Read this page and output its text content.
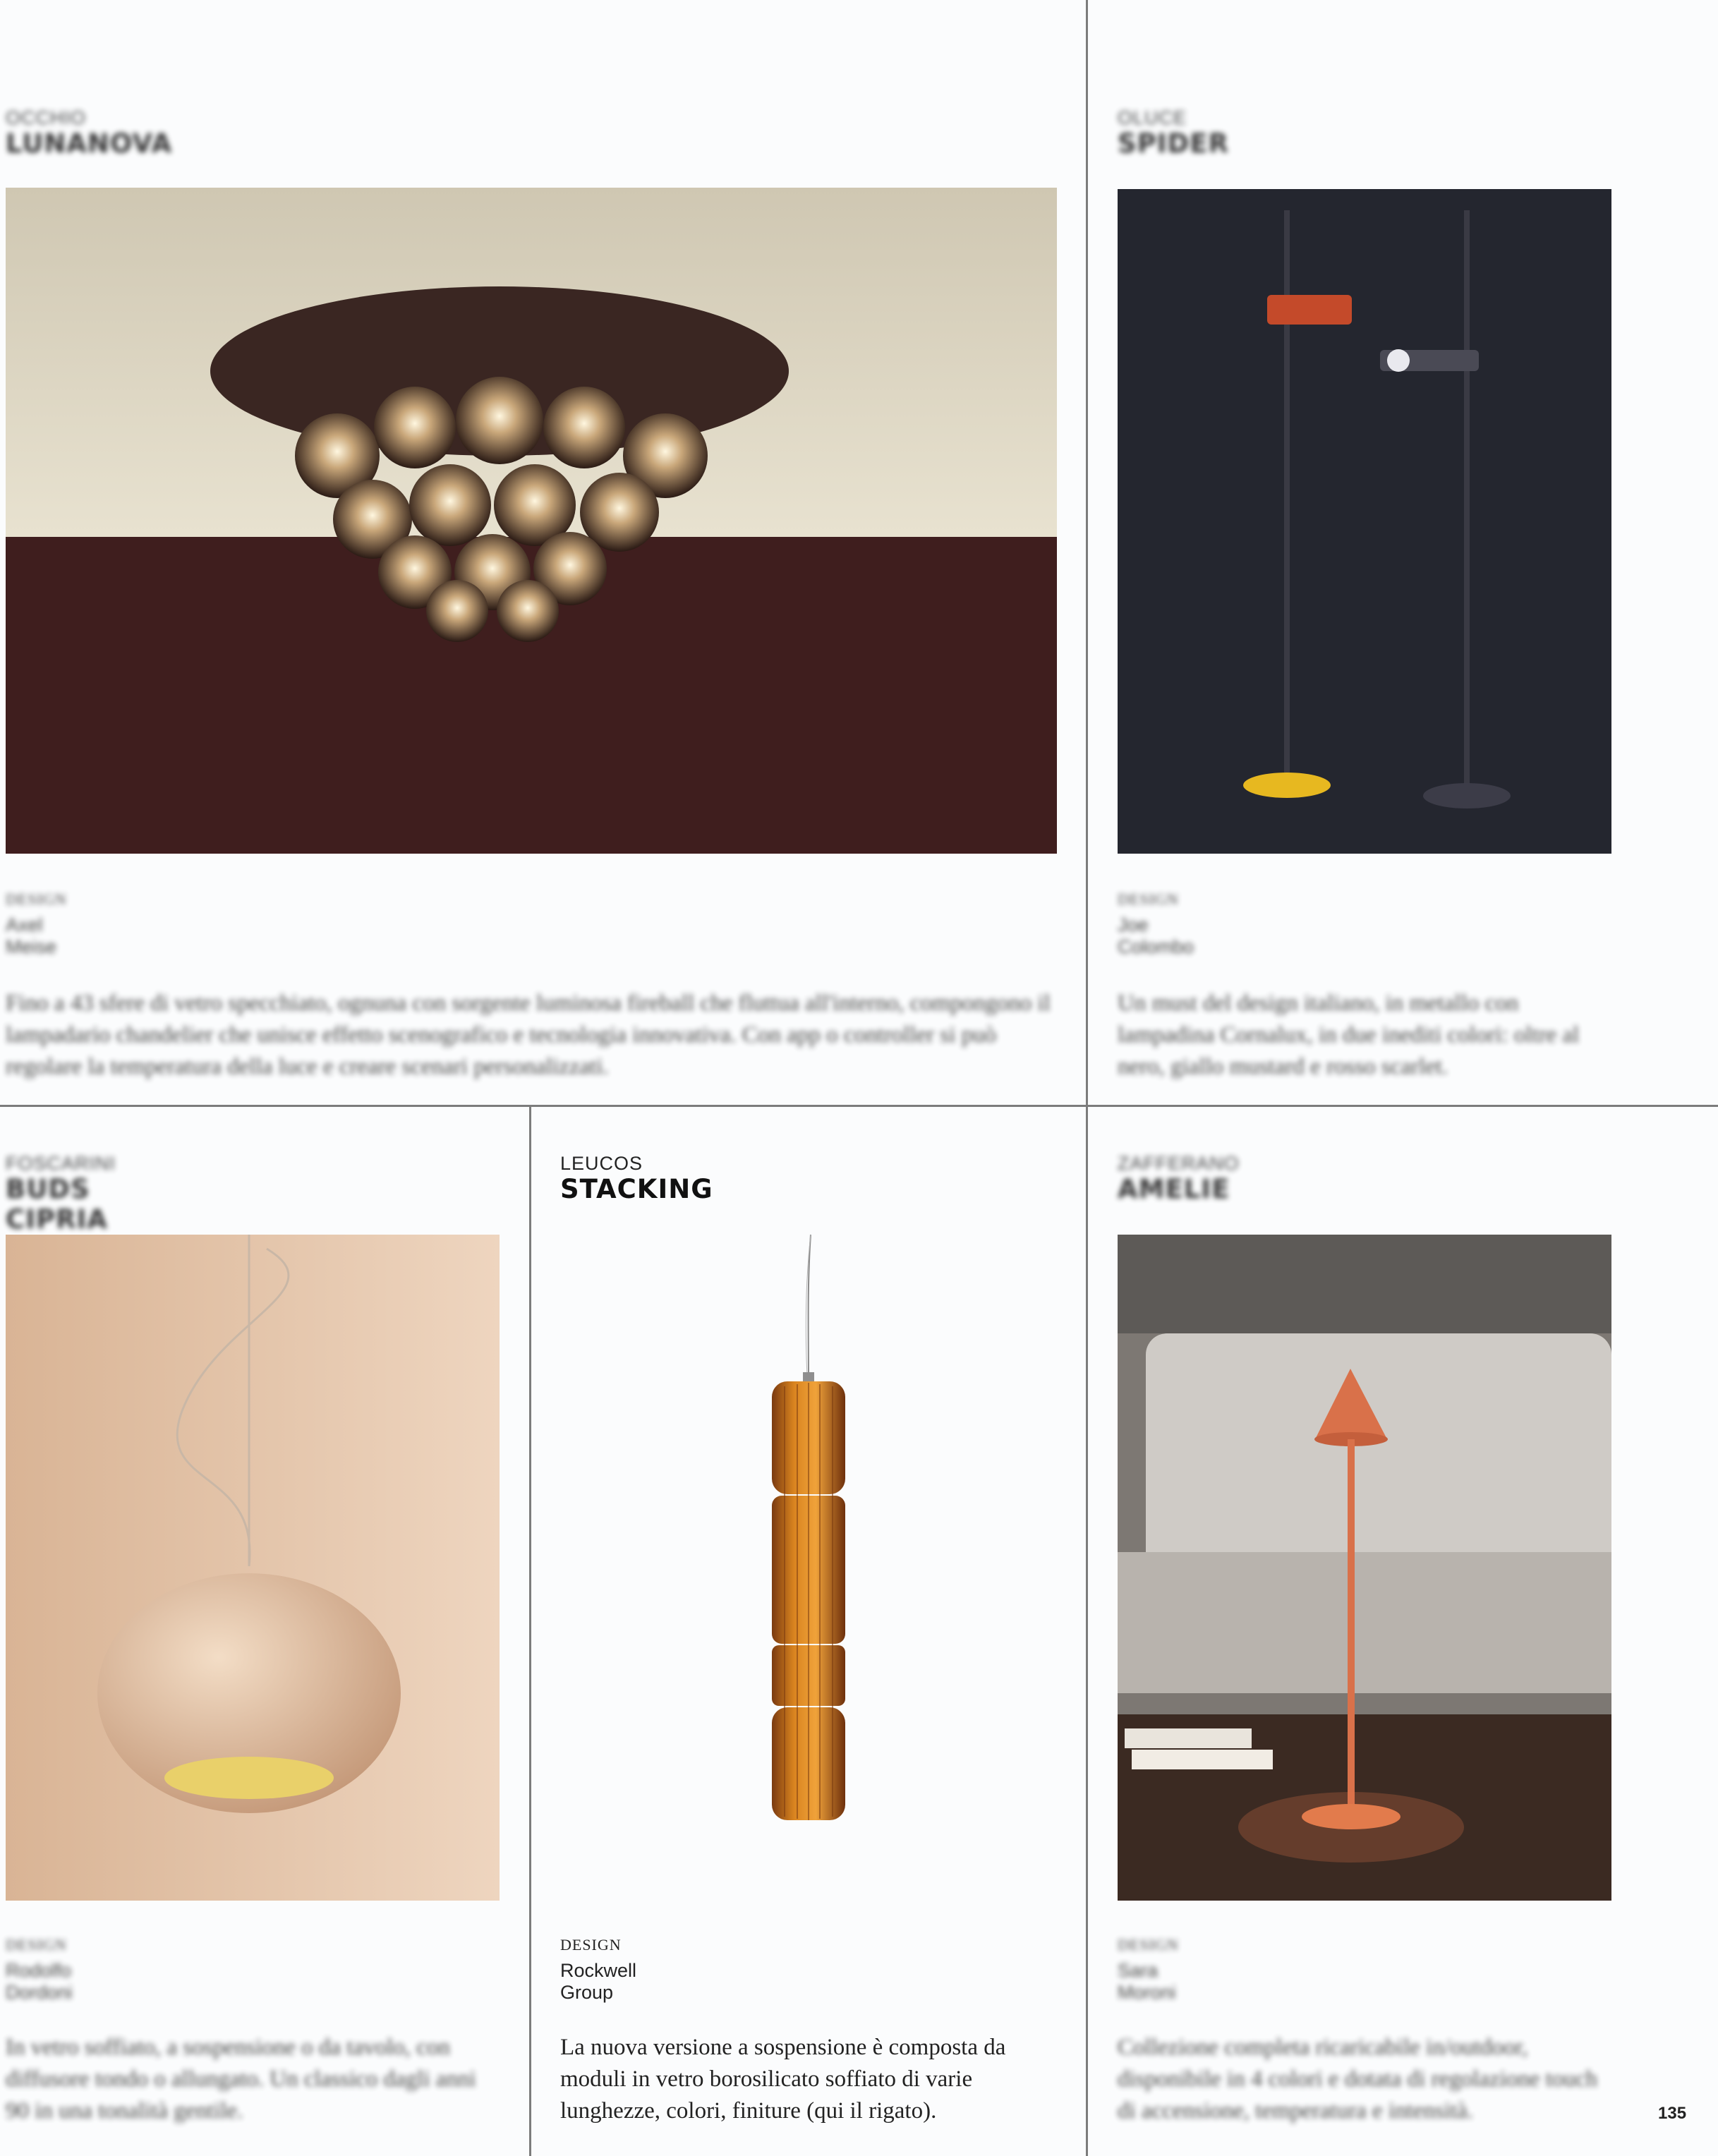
OCCHIO
LUNANOVA
DESIGN
Axel Meise
Fino a 43 sfere di vetro specchiato, ognuna con sorgente luminosa fireball che fluttua all'interno, compongono il lampadario chandelier che unisce effetto scenografico e tecnologia innovativa. Con app o controller si può regolare la temperatura della luce e creare scenari personalizzati.
OLUCE
SPIDER
DESIGN
Joe Colombo
Un must del design italiano, in metallo con lampadina Cornalux, in due inediti colori: oltre al nero, giallo mustard e rosso scarlet.
FOSCARINI
BUDS CIPRIA
DESIGN
Rodolfo Dordoni
In vetro soffiato, a sospensione o da tavolo, con diffusore tondo o allungato. Un classico dagli anni 90 in una tonalità gentile.
LEUCOS
STACKING
DESIGN
Rockwell Group
La nuova versione a sospensione è composta da moduli in vetro borosilicato soffiato di varie lunghezze, colori, finiture (qui il rigato).
ZAFFERANO
AMELIE
DESIGN
Sara Moroni
Collezione completa ricaricabile in/outdoor, disponibile in 4 colori e dotata di regolazione touch di accensione, temperatura e intensità.	135
